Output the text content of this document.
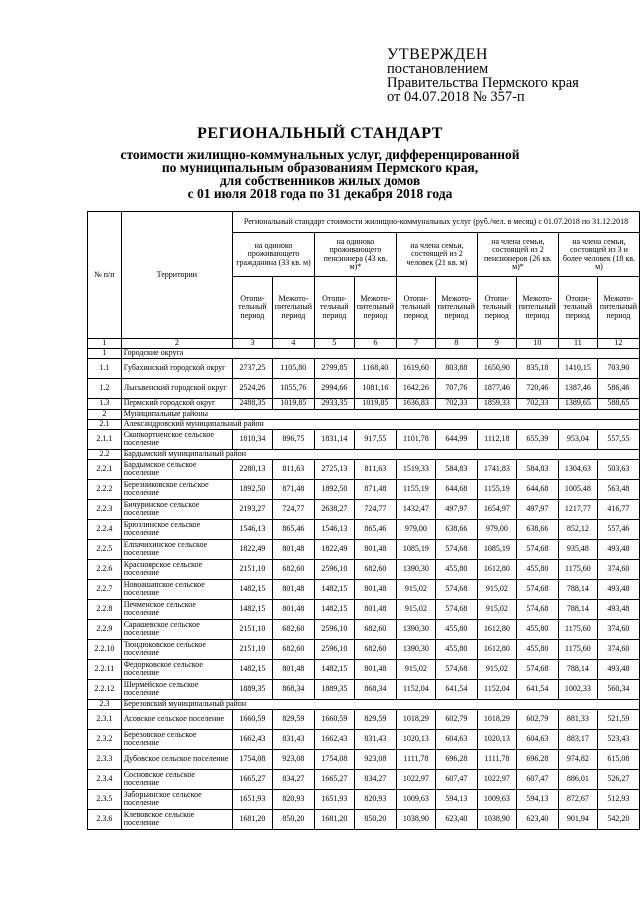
УТВЕРЖДЕН
постановлением
Правительства Пермского края
от 04.07.2018 № 357-п
РЕГИОНАЛЬНЫЙ СТАНДАРТ
стоимости жилищно-коммунальных услуг, дифференцированной
по муниципальным образованиям Пермского края,
для собственников жилых домов
с 01 июля 2018 года по 31 декабря 2018 года
№ п/п	Территории	Региональный стандарт стоимости жилищно-коммунальных услуг (руб./чел. в месяц) с 01.07.2018 по 31.12.2018									
		на одиноко проживающего гражданина (33 кв. м)		на одиноко проживающего пенсионера (43 кв. м)*		на члена семьи, состоящей из 2 человек (21 кв. м)		на члена семьи, состоящей из 2 пенсионеров (26 кв. м)*		на члена семьи, состоящей из 3 и более человек (18 кв. м)	
		Отопи-тельный период	Межото-пительный период	Отопи-тельный период	Межото-пительный период	Отопи-тельный период	Межото-пительный период	Отопи-тельный период	Межото-пительный период	Отопи-тельный период	Межото-пительный период
1	2	3	4	5	6	7	8	9	10	11	12
1	Городские округа										
1.1	Губахинский городской округ	2737,25	1105,80	2799,85	1168,40	1619,60	803,88	1650,90	835,18	1410,15	703,90
1.2	Лысьвенский городской округ	2524,26	1055,76	2994,66	1081,16	1642,26	707,76	1877,46	720,46	1387,46	586,46
1.3	Пермский городской округ	2488,35	1019,85	2933,35	1019,85	1636,83	702,33	1859,33	702,33	1389,65	588,65
2	Муниципальные районы										
2.1	Александровский муниципальный район										
2.1.1	Скопкортненское сельское поселение	1810,34	896,75	1831,14	917,55	1101,78	644,99	1112,18	655,39	953,04	557,55
2.2	Бардымский муниципальный район										
2.2.1	Бардымское сельское поселение	2280,13	811,63	2725,13	811,63	1519,33	584,83	1741,83	584,83	1304,63	503,63
2.2.2	Березниковское сельское поселение	1892,50	871,48	1892,50	871,48	1155,19	644,68	1155,19	644,68	1005,48	563,48
2.2.3	Бичуринское сельское поселение	2193,27	724,77	2638,27	724,77	1432,47	497,97	1654,97	497,97	1217,77	416,77
2.2.4	Брюзлинское сельское поселение	1546,13	865,46	1546,13	865,46	979,00	638,66	979,00	638,66	852,12	557,46
2.2.5	Елпачихинское сельское поселение	1822,49	801,48	1822,49	801,48	1085,19	574,68	1085,19	574,68	935,48	493,48
2.2.6	Красноярское сельское поселение	2151,10	682,60	2596,10	682,60	1390,30	455,80	1612,80	455,80	1175,60	374,60
2.2.7	Новоашапское сельское поселение	1482,15	801,48	1482,15	801,48	915,02	574,68	915,02	574,68	788,14	493,48
2.2.8	Печменское сельское поселение	1482,15	801,48	1482,15	801,48	915,02	574,68	915,02	574,68	788,14	493,48
2.2.9	Сарашевское сельское поселение	2151,10	682,60	2596,10	682,60	1390,30	455,80	1612,80	455,80	1175,60	374,60
2.2.10	Тюндюковское сельское поселение	2151,10	682,60	2596,10	682,60	1390,30	455,80	1612,80	455,80	1175,60	374,60
2.2.11	Федорковское сельское поселение	1482,15	801,48	1482,15	801,48	915,02	574,68	915,02	574,68	788,14	493,48
2.2.12	Шермейское сельское поселение	1889,35	868,34	1889,35	868,34	1152,04	641,54	1152,04	641,54	1002,33	560,34
2.3	Березовский муниципальный район										
2.3.1	Асовское сельское поселение	1660,59	829,59	1660,59	829,59	1018,29	602,79	1018,29	602,79	881,33	521,59
2.3.2	Березовское сельское поселение	1662,43	831,43	1662,43	831,43	1020,13	604,63	1020,13	604,63	883,17	523,43
2.3.3	Дубовское сельское поселение	1754,08	923,08	1754,08	923,08	1111,78	696,28	1111,78	696,28	974,82	615,08
2.3.4	Сосновское сельское поселение	1665,27	834,27	1665,27	834,27	1022,97	607,47	1022,97	607,47	886,01	526,27
2.3.5	Заборьинское сельское поселение	1651,93	820,93	1651,93	820,93	1009,63	594,13	1009,63	594,13	872,67	512,93
2.3.6	Клевовское сельское поселение	1681,20	850,20	1681,20	850,20	1038,90	623,40	1038,90	623,40	901,94	542,20
